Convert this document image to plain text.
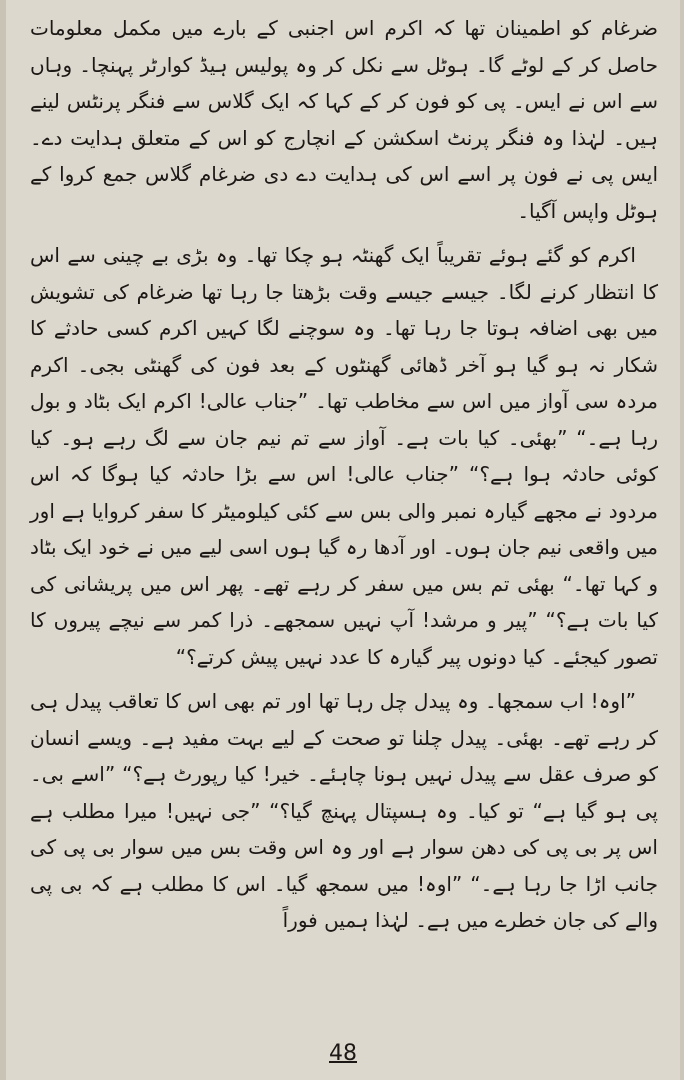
ضرغام کو اطمینان تھا کہ اکرم اس اجنبی کے بارے میں مکمل معلومات حاصل کر کے لوٹے گا۔ ہوٹل سے نکل کر وہ پولیس ہیڈ کوارٹر پہنچا۔ وہاں سے اس نے ایس۔ پی کو فون کر کے کہا کہ ایک گلاس سے فنگر پرنٹس لینے ہیں۔ لہٰذا وہ فنگر پرنٹ اسکشن کے انچارج کو اس کے متعلق ہدایت دے۔ ایس پی نے فون پر اسے اس کی ہدایت دے دی ضرغام گلاس جمع کروا کے ہوٹل واپس آگیا۔

اکرم کو گئے ہوئے تقریباً ایک گھنٹہ ہو چکا تھا۔ وہ بڑی بے چینی سے اس کا انتظار کرنے لگا۔ جیسے جیسے وقت بڑھتا جا رہا تھا ضرغام کی تشویش میں بھی اضافہ ہوتا جا رہا تھا۔ وہ سوچنے لگا کہیں اکرم کسی حادثے کا شکار نہ ہو گیا ہو آخر ڈھائی گھنٹوں کے بعد فون کی گھنٹی بجی۔ اکرم مردہ سی آواز میں اس سے مخاطب تھا۔ ”جناب عالی! اکرم ایک بٹاد و بول رہا ہے۔“ ”بھئی۔ کیا بات ہے۔ آواز سے تم نیم جان سے لگ رہے ہو۔ کیا کوئی حادثہ ہوا ہے؟“ ”جناب عالی! اس سے بڑا حادثہ کیا ہوگا کہ اس مردود نے مجھے گیارہ نمبر والی بس سے کئی کیلومیٹر کا سفر کروایا ہے اور میں واقعی نیم جان ہوں۔ اور آدھا رہ گیا ہوں اسی لیے میں نے خود ایک بٹاد و کہا تھا۔“ بھئی تم بس میں سفر کر رہے تھے۔ پھر اس میں پریشانی کی کیا بات ہے؟“ ”پیر و مرشد! آپ نہیں سمجھے۔ ذرا کمر سے نیچے پیروں کا تصور کیجئے۔ کیا دونوں پیر گیارہ کا عدد نہیں پیش کرتے؟“

”اوہ! اب سمجھا۔ وہ پیدل چل رہا تھا اور تم بھی اس کا تعاقب پیدل ہی کر رہے تھے۔ بھئی۔ پیدل چلنا تو صحت کے لیے بہت مفید ہے۔ ویسے انسان کو صرف عقل سے پیدل نہیں ہونا چاہئے۔ خیر! کیا رپورٹ ہے؟“ ”اسے بی۔ پی ہو گیا ہے“ تو کیا۔ وہ ہسپتال پہنچ گیا؟“ ”جی نہیں! میرا مطلب ہے اس پر بی پی کی دھن سوار ہے اور وہ اس وقت بس میں سوار بی پی کی جانب اڑا جا رہا ہے۔“ ”اوہ! میں سمجھ گیا۔ اس کا مطلب ہے کہ بی پی والے کی جان خطرے میں ہے۔ لہٰذا ہمیں فوراً

48
